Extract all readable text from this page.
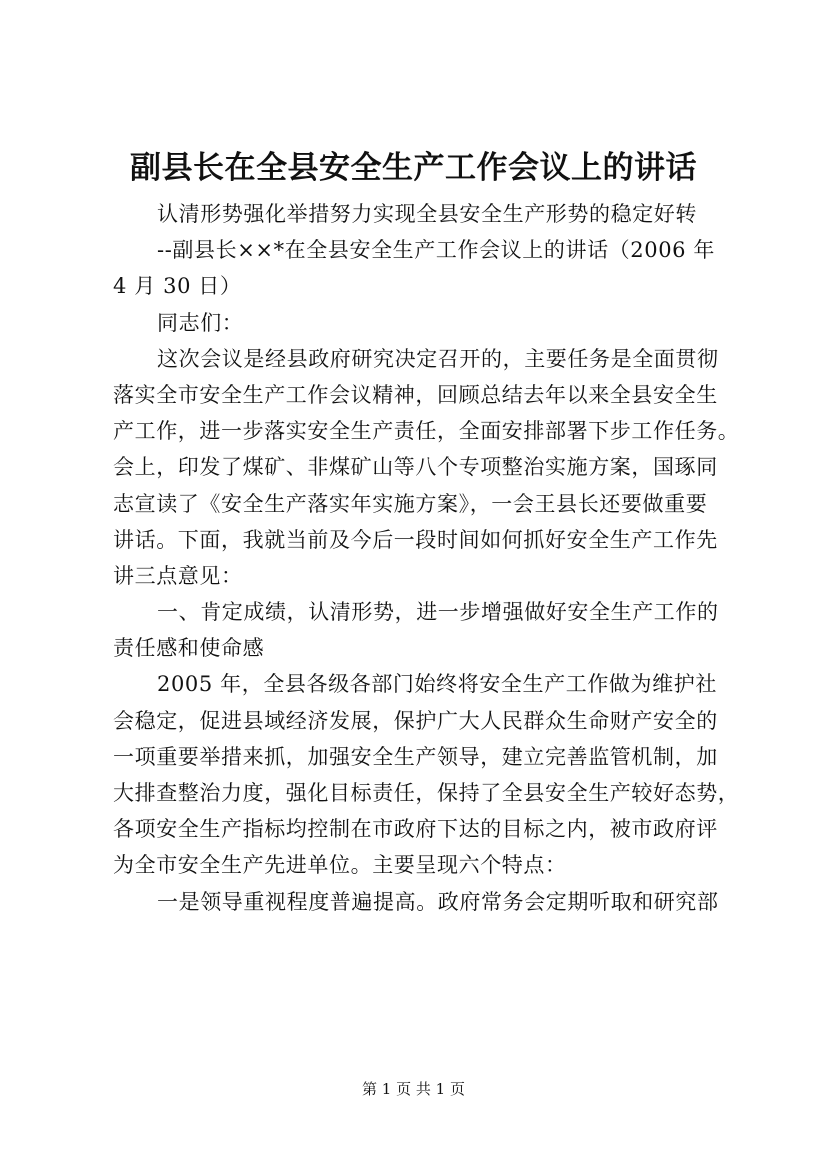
副县长在全县安全生产工作会议上的讲话
认清形势强化举措努力实现全县安全生产形势的稳定好转
--副县长××*在全县安全生产工作会议上的讲话（2006 年
4 月 30 日）
同志们：
这次会议是经县政府研究决定召开的，主要任务是全面贯彻
落实全市安全生产工作会议精神，回顾总结去年以来全县安全生
产工作，进一步落实安全生产责任，全面安排部署下步工作任务。
会上，印发了煤矿、非煤矿山等八个专项整治实施方案，国琢同
志宣读了《安全生产落实年实施方案》，一会王县长还要做重要
讲话。下面，我就当前及今后一段时间如何抓好安全生产工作先
讲三点意见：
一、肯定成绩，认清形势，进一步增强做好安全生产工作的
责任感和使命感
2005 年，全县各级各部门始终将安全生产工作做为维护社
会稳定，促进县域经济发展，保护广大人民群众生命财产安全的
一项重要举措来抓，加强安全生产领导，建立完善监管机制，加
大排查整治力度，强化目标责任，保持了全县安全生产较好态势，
各项安全生产指标均控制在市政府下达的目标之内，被市政府评
为全市安全生产先进单位。主要呈现六个特点：
一是领导重视程度普遍提高。政府常务会定期听取和研究部
第 1 页 共 1 页
